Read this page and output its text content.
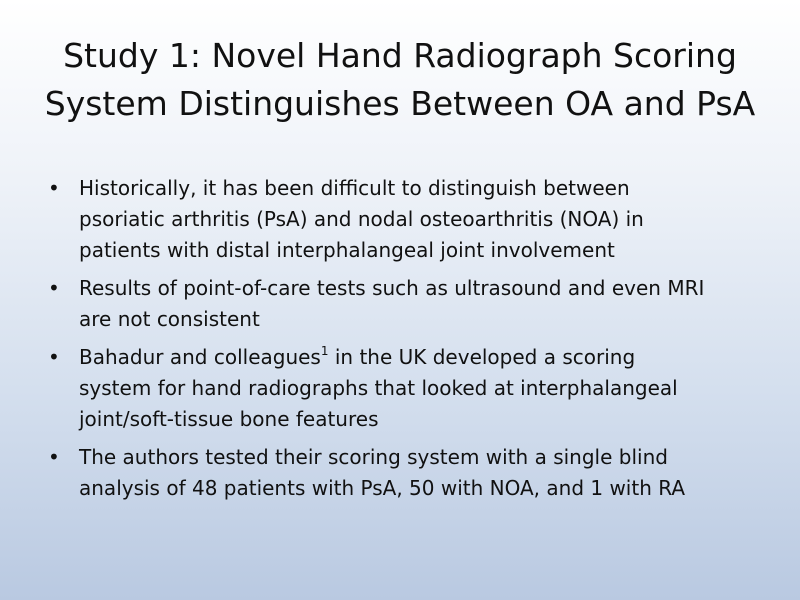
Study 1: Novel Hand Radiograph Scoring
System Distinguishes Between OA and PsA
• Historically, it has been difficult to distinguish between
psoriatic arthritis (PsA) and nodal osteoarthritis (NOA) in
patients with distal interphalangeal joint involvement
• Results of point-of-care tests such as ultrasound and even MRI
are not consistent
• Bahadur and colleagues$^1$ in the UK developed a scoring
system for hand radiographs that looked at interphalangeal
joint/soft-tissue bone features
• The authors tested their scoring system with a single blind
analysis of 48 patients with PsA, 50 with NOA, and 1 with RA
